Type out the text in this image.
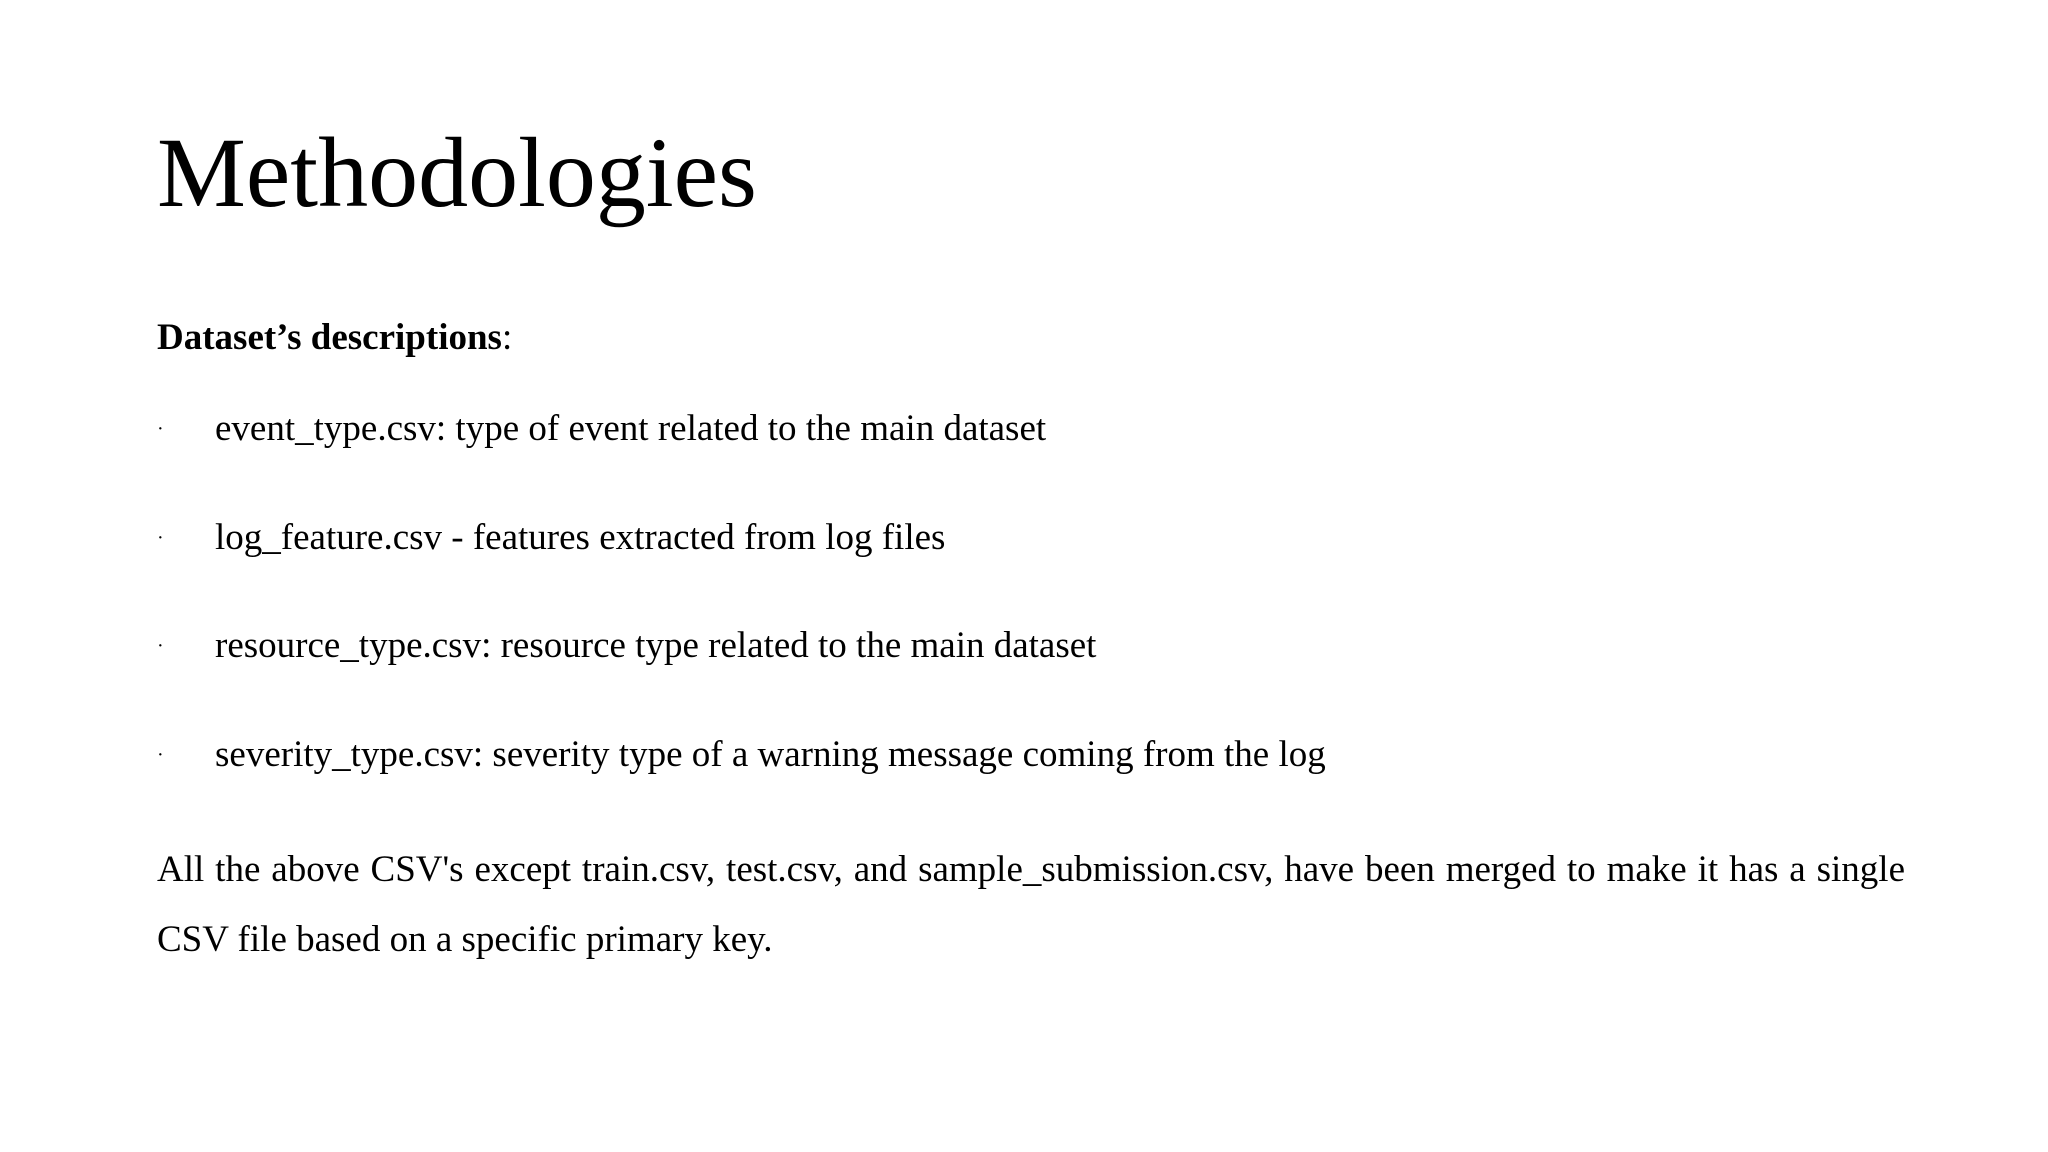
Methodologies

Dataset’s descriptions:

·	event_type.csv: type of event related to the main dataset
·	log_feature.csv - features extracted from log files
·	resource_type.csv: resource type related to the main dataset
·	severity_type.csv: severity type of a warning message coming from the log

All the above CSV's except train.csv, test.csv, and sample_submission.csv, have been merged to make it has a single CSV file based on a specific primary key.
